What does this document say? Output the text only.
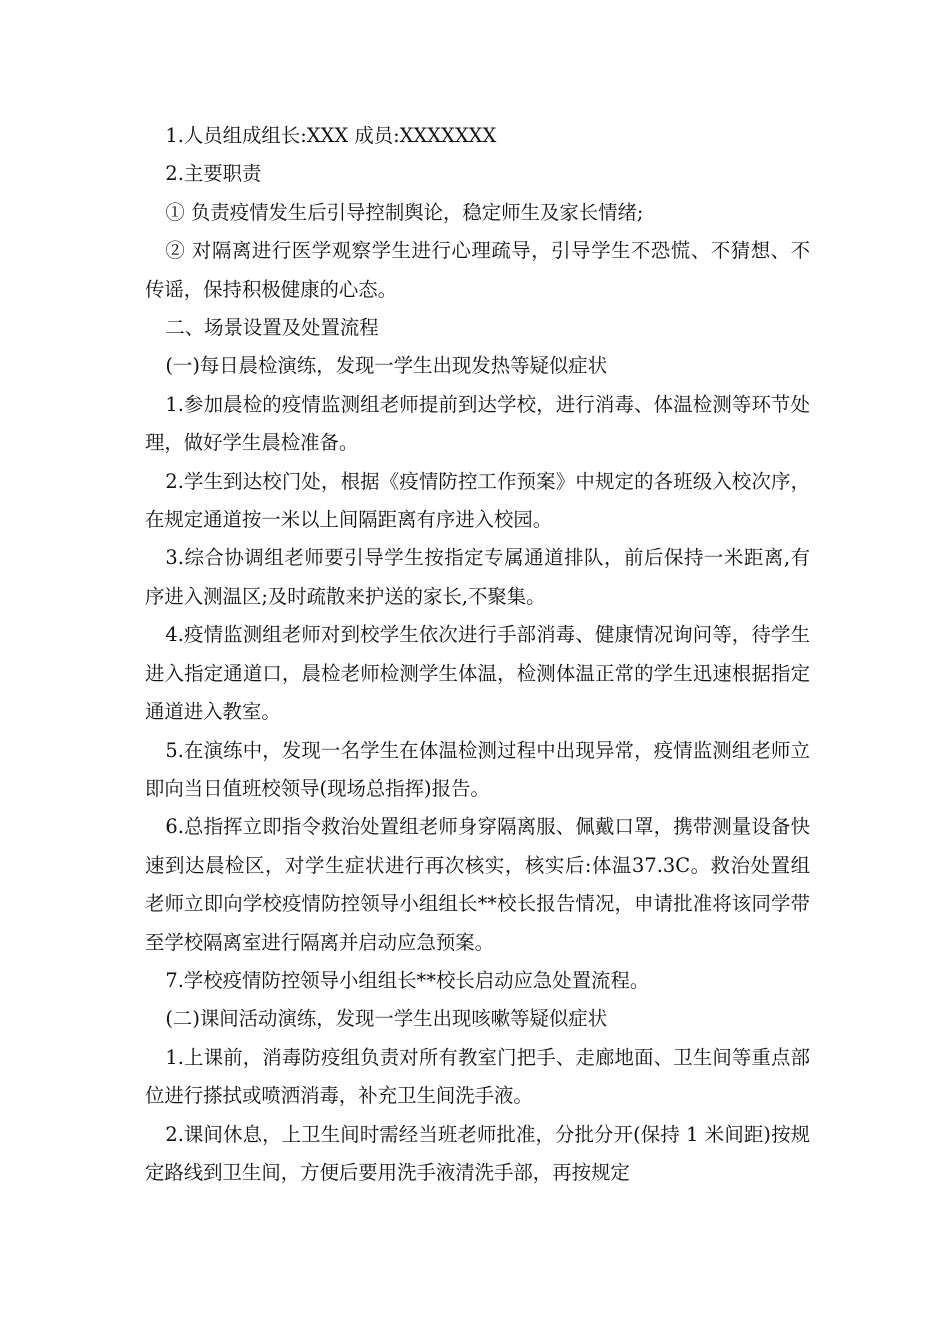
1.人员组成组长:XXX 成员:XXXXXXX

2.主要职责

① 负责疫情发生后引导控制舆论，稳定师生及家长情绪;

② 对隔离进行医学观察学生进行心理疏导，引导学生不恐慌、不猜想、不传谣，保持积极健康的心态。

二、场景设置及处置流程

(一)每日晨检演练，发现一学生出现发热等疑似症状

1.参加晨检的疫情监测组老师提前到达学校，进行消毒、体温检测等环节处理，做好学生晨检准备。

2.学生到达校门处，根据《疫情防控工作预案》中规定的各班级入校次序，在规定通道按一米以上间隔距离有序进入校园。

3.综合协调组老师要引导学生按指定专属通道排队，前后保持一米距离,有序进入测温区;及时疏散来护送的家长,不聚集。

4.疫情监测组老师对到校学生依次进行手部消毒、健康情况询问等，待学生进入指定通道口，晨检老师检测学生体温，检测体温正常的学生迅速根据指定通道进入教室。

5.在演练中，发现一名学生在体温检测过程中出现异常，疫情监测组老师立即向当日值班校领导(现场总指挥)报告。

6.总指挥立即指令救治处置组老师身穿隔离服、佩戴口罩，携带测量设备快速到达晨检区，对学生症状进行再次核实，核实后:体温37.3C。救治处置组老师立即向学校疫情防控领导小组组长**校长报告情况，申请批准将该同学带至学校隔离室进行隔离并启动应急预案。

7.学校疫情防控领导小组组长**校长启动应急处置流程。

(二)课间活动演练，发现一学生出现咳嗽等疑似症状

1.上课前，消毒防疫组负责对所有教室门把手、走廊地面、卫生间等重点部位进行搽拭或喷洒消毒，补充卫生间洗手液。

2.课间休息，上卫生间时需经当班老师批准，分批分开(保持 1 米间距)按规定路线到卫生间，方便后要用洗手液清洗手部，再按规定
